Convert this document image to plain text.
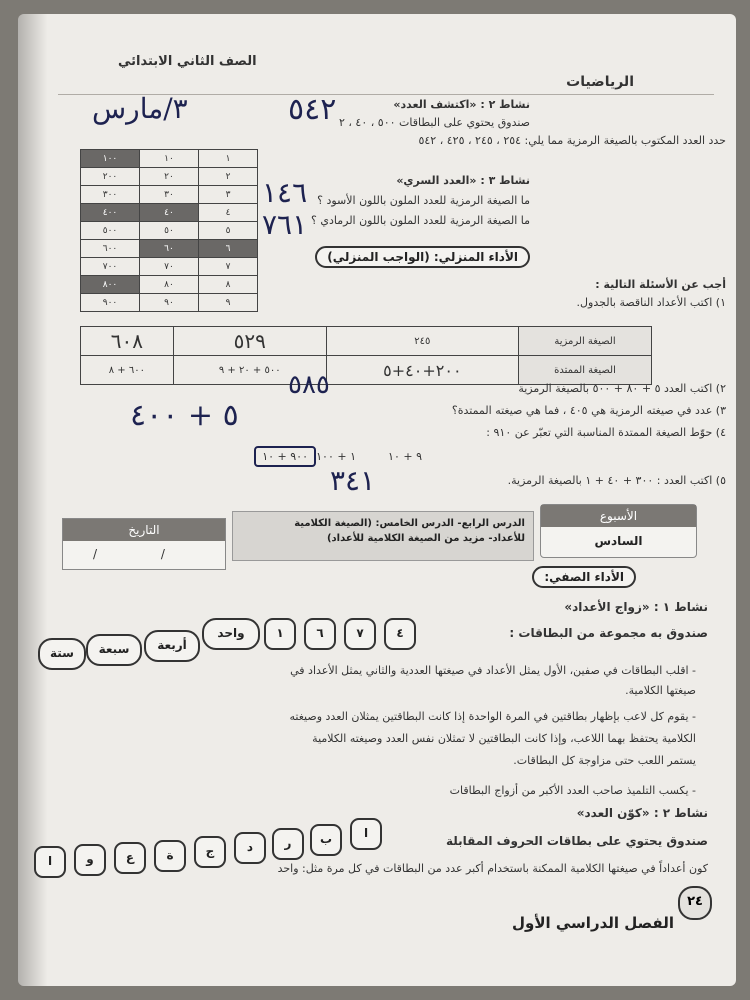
الصف الثاني الابتدائي
الرياضيات
نشاط ٢ : «اكتشف العدد»
صندوق يحتوي على البطاقات ٥٠٠ ، ٤٠ ، ٢
حدد العدد المكتوب بالصيغة الرمزية مما يلي: ٢٥٤ ، ٢٤٥ ، ٤٢٥ ، ٥٤٢
٥٤٢
٣/مارس
١	١٠	١٠٠
٢	٢٠	٢٠٠
٣	٣٠	٣٠٠
٤	٤٠	٤٠٠
٥	٥٠	٥٠٠
٦	٦٠	٦٠٠
٧	٧٠	٧٠٠
٨	٨٠	٨٠٠
٩	٩٠	٩٠٠
نشاط ٣ : «العدد السري»
ما الصيغة الرمزية للعدد الملون باللون الأسود ؟
ما الصيغة الرمزية للعدد الملون باللون الرمادي ؟
١٤٦
٧٦١
الأداء المنزلي: (الواجب المنزلي)
أجب عن الأسئلة التالية :
١) اكتب الأعداد الناقصة بالجدول.
الصيغة الرمزية	٢٤٥	٥٢٩	٦٠٨
الصيغة الممتدة	٢٠٠+٤٠+٥	٥٠٠ + ٢٠ + ٩	٦٠٠ + ٨
٢) اكتب العدد ٥ + ٨٠ + ٥٠٠ بالصيغة الرمزية
٥٨٥
٣) عدد في صيغته الرمزية هي ٤٠٥ ، فما هي صيغته الممتدة؟
٥ + ٤٠٠	٤) حوّط الصيغة الممتدة المناسبة التي تعبّر عن ٩١٠ :
٩ + ١٠
١ + ١٠٠
٩٠٠ + ١٠
٥) اكتب العدد : ٣٠٠ + ٤٠ + ١ بالصيغة الرمزية.
٣٤١
الأسبوع
السادس
الدرس الرابع- الدرس الخامس: (الصيغة الكلامية
للأعداد- مزيد من الصيغة الكلامية للأعداد)
التاريخ
/ /
الأداء الصفي:
نشاط ١ : «زواج الأعداد»
صندوق به مجموعة من البطاقات :
٤
٧
٦
١
واحد
أربعة
سبعة
ستة
- اقلب البطاقات في صفين، الأول يمثل الأعداد في صيغتها العددية والثاني يمثل الأعداد في
صيغتها الكلامية.
- يقوم كل لاعب بإظهار بطاقتين في المرة الواحدة إذا كانت البطاقتين يمثلان العدد وصيغته
الكلامية يحتفظ بهما اللاعب، وإذا كانت البطاقتين لا تمثلان نفس العدد وصيغته الكلامية
يستمر اللعب حتى مزاوجة كل البطاقات.
- يكسب التلميذ صاحب العدد الأكبر من أزواج البطاقات
نشاط ٢ : «كوّن العدد»
صندوق يحتوي على بطاقات الحروف المقابلة
ا
ب
ر
د
ج
ة
ع
و
ا
كون أعداداً في صيغتها الكلامية الممكنة باستخدام أكبر عدد من البطاقات في كل مرة مثل: واحد
٢٤
الفصل الدراسي الأول
